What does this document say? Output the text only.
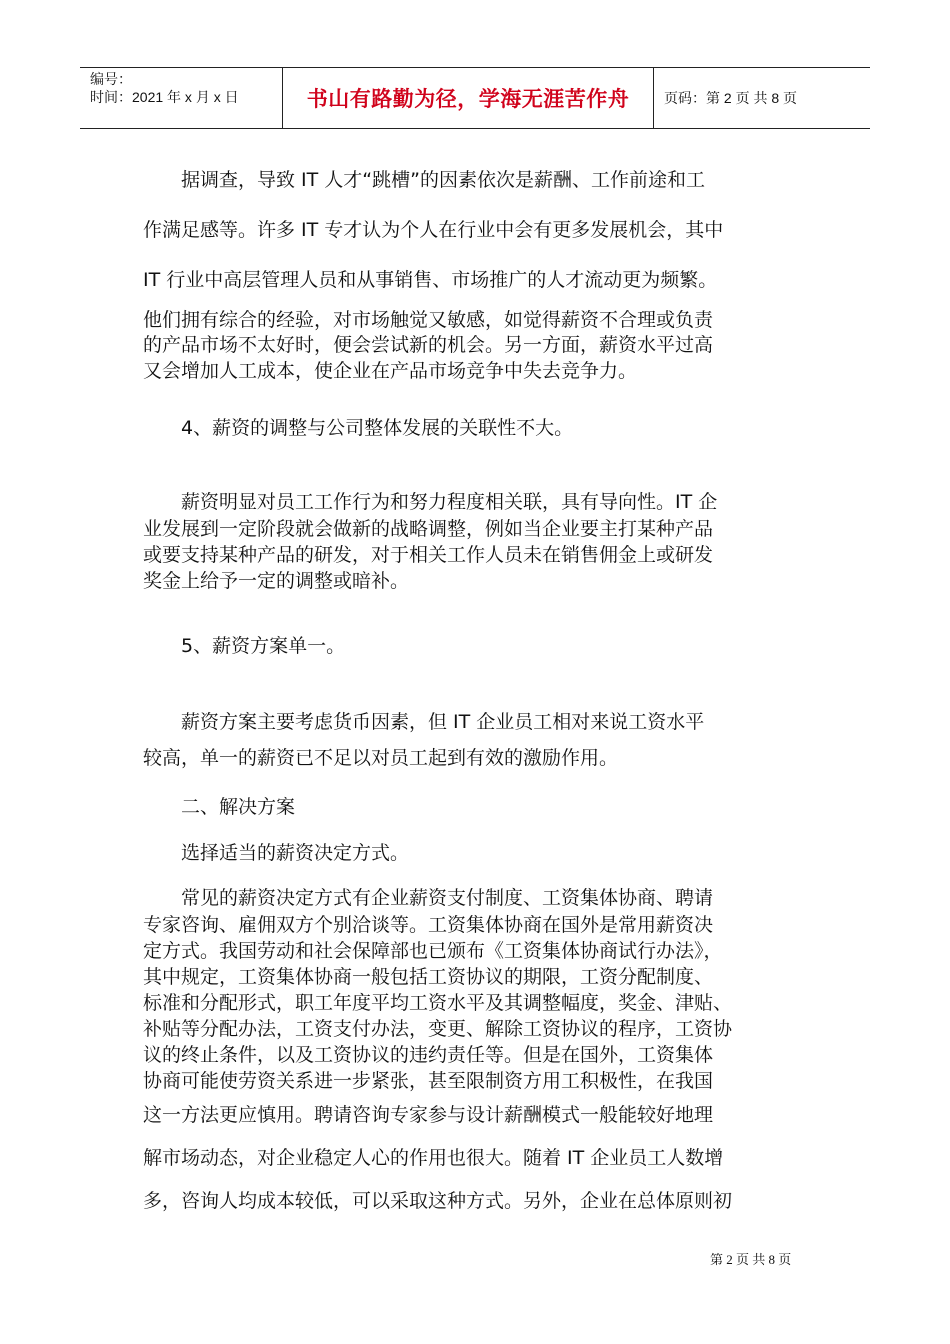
编号：
时间：2021 年 x 月 x 日	书山有路勤为径，学海无涯苦作舟	页码：第 2 页 共 8 页
　　据调查，导致 IT 人才“跳槽”的因素依次是薪酬、工作前途和工
作满足感等。许多 IT 专才认为个人在行业中会有更多发展机会，其中
IT 行业中高层管理人员和从事销售、市场推广的人才流动更为频繁。
他们拥有综合的经验，对市场触觉又敏感，如觉得薪资不合理或负责
的产品市场不太好时，便会尝试新的机会。另一方面，薪资水平过高
又会增加人工成本，使企业在产品市场竞争中失去竞争力。
　　4、薪资的调整与公司整体发展的关联性不大。
　　薪资明显对员工工作行为和努力程度相关联，具有导向性。IT 企
业发展到一定阶段就会做新的战略调整，例如当企业要主打某种产品
或要支持某种产品的研发，对于相关工作人员未在销售佣金上或研发
奖金上给予一定的调整或暗补。
　　5、薪资方案单一。
　　薪资方案主要考虑货币因素，但 IT 企业员工相对来说工资水平
较高，单一的薪资已不足以对员工起到有效的激励作用。
　　二、解决方案
　　选择适当的薪资决定方式。
　　常见的薪资决定方式有企业薪资支付制度、工资集体协商、聘请
专家咨询、雇佣双方个别洽谈等。工资集体协商在国外是常用薪资决
定方式。我国劳动和社会保障部也已颁布《工资集体协商试行办法》，
其中规定，工资集体协商一般包括工资协议的期限，工资分配制度、
标准和分配形式，职工年度平均工资水平及其调整幅度，奖金、津贴、
补贴等分配办法，工资支付办法，变更、解除工资协议的程序，工资协
议的终止条件，以及工资协议的违约责任等。但是在国外，工资集体
协商可能使劳资关系进一步紧张，甚至限制资方用工积极性，在我国
这一方法更应慎用。聘请咨询专家参与设计薪酬模式一般能较好地理
解市场动态，对企业稳定人心的作用也很大。随着 IT 企业员工人数增
多，咨询人均成本较低，可以采取这种方式。另外，企业在总体原则初
第 2 页 共 8 页
